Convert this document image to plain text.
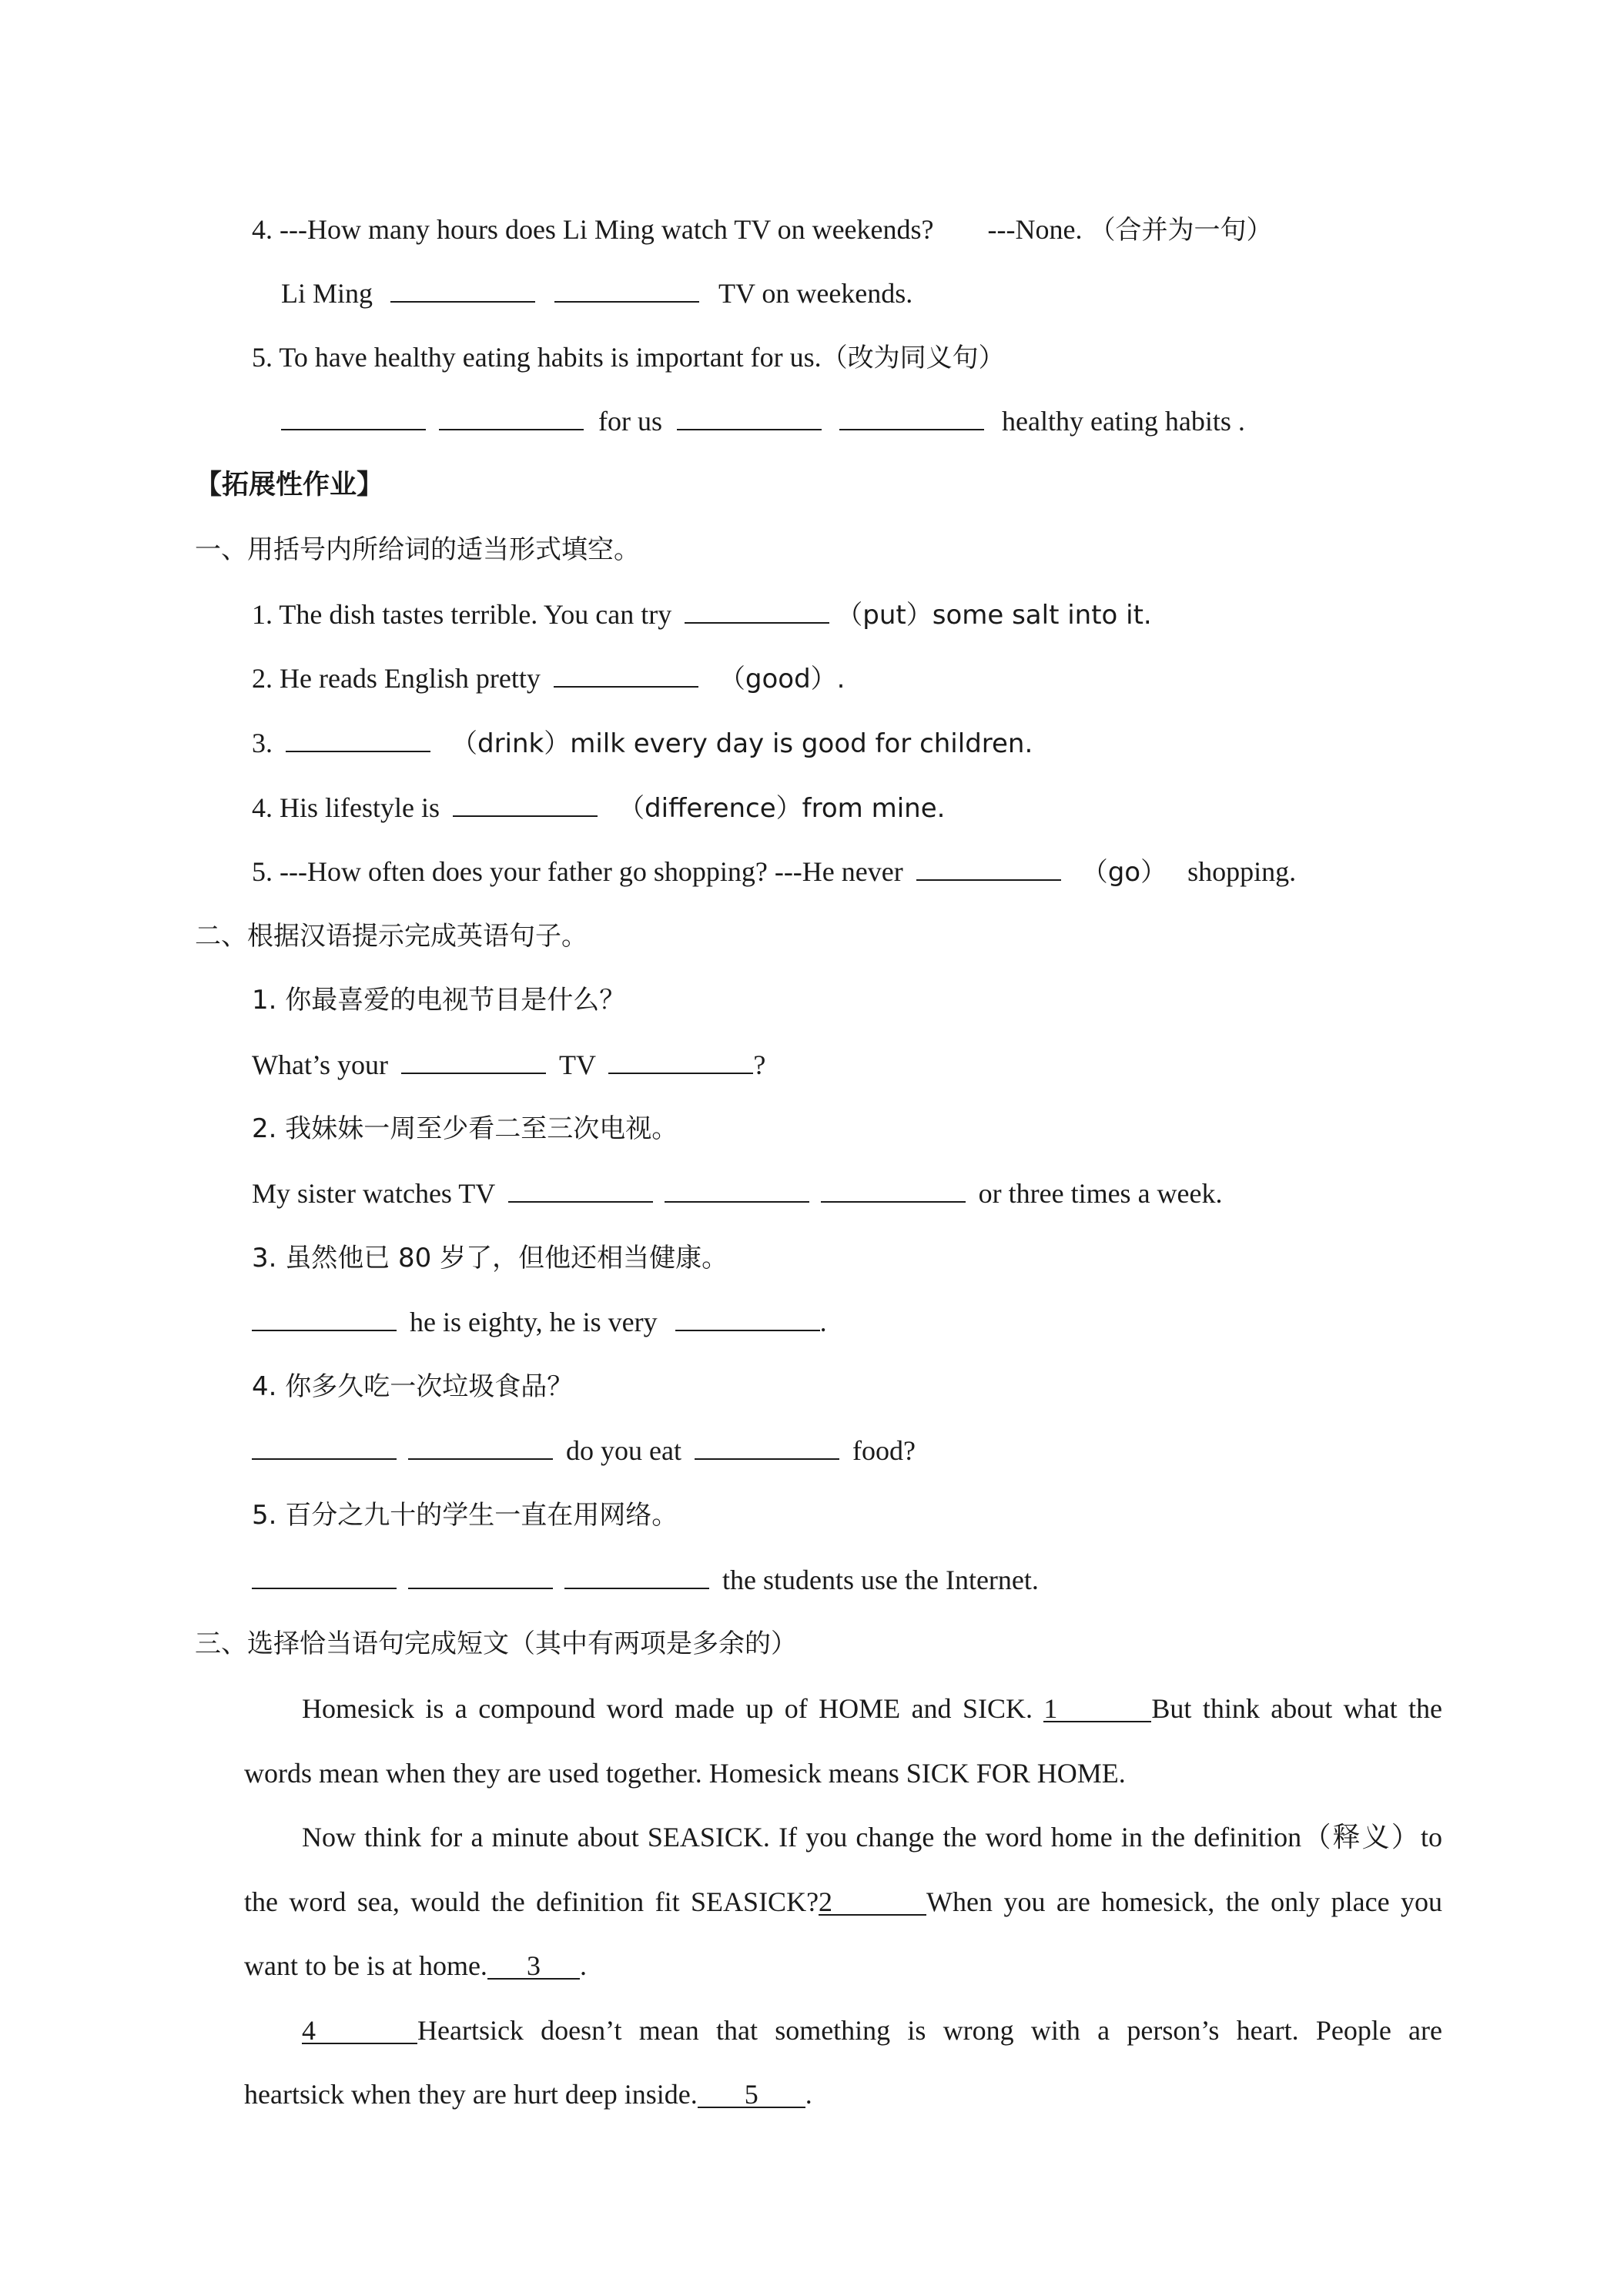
4. ---How many hours does Li Ming watch TV on weekends? ---None. （合并为一句）
Li Ming	TV on weekends.
5. To have healthy eating habits is important for us.（改为同义句）
for us	healthy eating habits .
【拓展性作业】
一、用括号内所给词的适当形式填空。
1. The dish tastes terrible. You can try	（put）some salt into it.
2. He reads English pretty	（good）.
3.	（drink）milk every day is good for children.
4. His lifestyle is	（difference）from mine.
5. ---How often does your father go shopping? ---He never	（go） shopping.
二、根据汉语提示完成英语句子。
1. 你最喜爱的电视节目是什么？
What’s your	TV	?
2. 我妹妹一周至少看二至三次电视。
My sister watches TV	or three times a week.
3. 虽然他已 80 岁了，但他还相当健康。
he is eighty, he is very	.
4. 你多久吃一次垃圾食品？
do you eat	food?
5. 百分之九十的学生一直在用网络。
the students use the Internet.
三、选择恰当语句完成短文（其中有两项是多余的）
Homesick is a compound word made up of HOME and SICK. 1	But think about what the
words mean when they are used together. Homesick means SICK FOR HOME.
Now think for a minute about SEASICK. If you change the word home in the definition（释义）to
the word sea, would the definition fit SEASICK?2	When you are homesick, the only place you
want to be is at home. 3 .
4	Heartsick doesn’t mean that something is wrong with a person’s heart. People are
heartsick when they are hurt deep inside. 5 .
